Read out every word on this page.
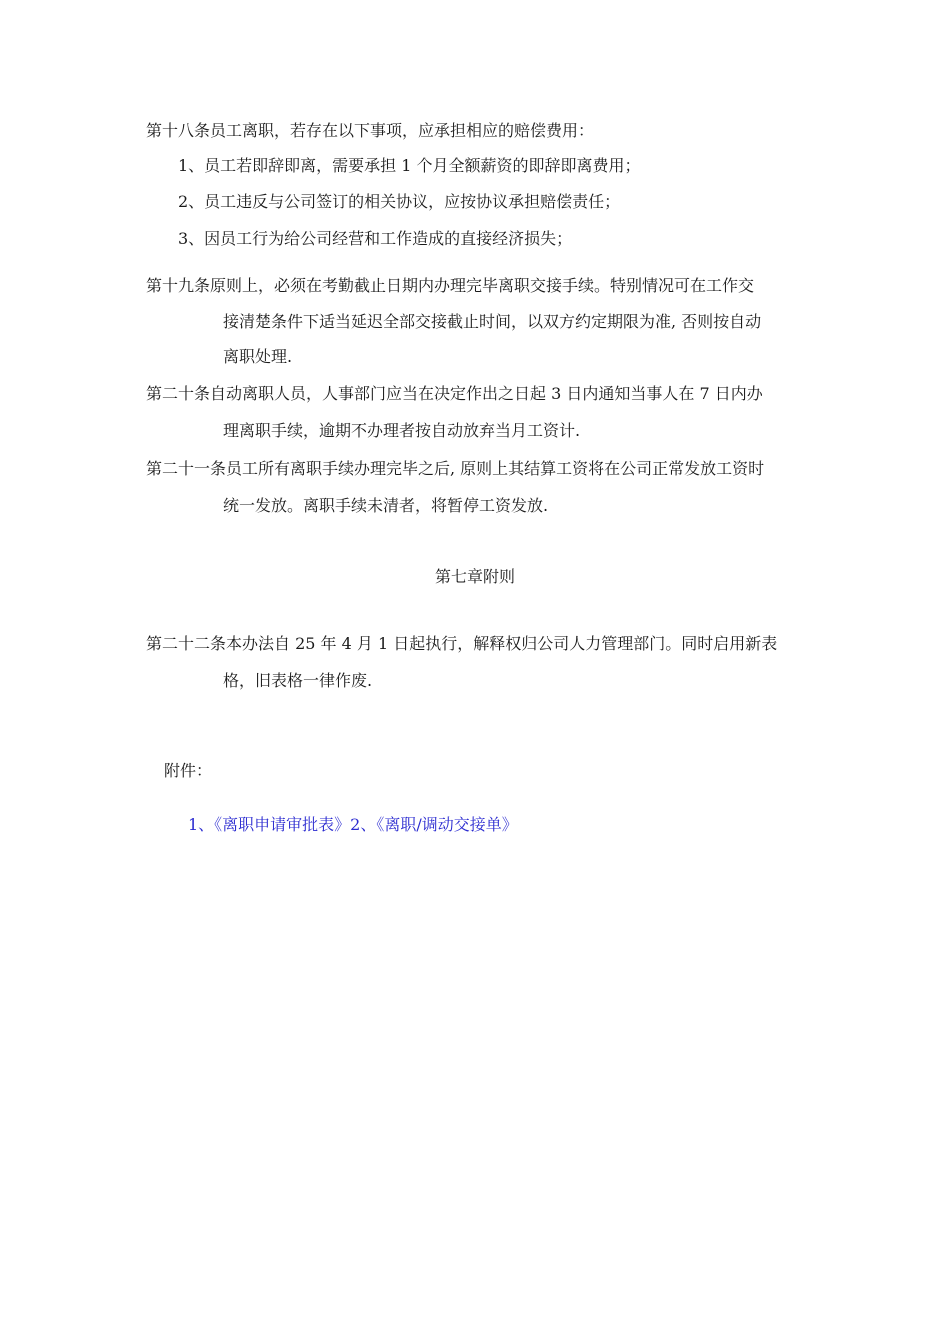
第十八条员工离职，若存在以下事项，应承担相应的赔偿费用：
1、员工若即辞即离，需要承担 1 个月全额薪资的即辞即离费用；
2、员工违反与公司签订的相关协议，应按协议承担赔偿责任；
3、因员工行为给公司经营和工作造成的直接经济损失；
第十九条原则上，必须在考勤截止日期内办理完毕离职交接手续。特别情况可在工作交
接清楚条件下适当延迟全部交接截止时间，以双方约定期限为准, 否则按自动
离职处理.
第二十条自动离职人员，人事部门应当在决定作出之日起 3 日内通知当事人在 7 日内办
理离职手续，逾期不办理者按自动放弃当月工资计.
第二十一条员工所有离职手续办理完毕之后, 原则上其结算工资将在公司正常发放工资时
统一发放。离职手续未清者，将暂停工资发放.
第七章附则
第二十二条本办法自 25 年 4 月 1 日起执行，解释权归公司人力管理部门。同时启用新表
格，旧表格一律作废.
附件：
1、《离职申请审批表》2、《离职/调动交接单》
